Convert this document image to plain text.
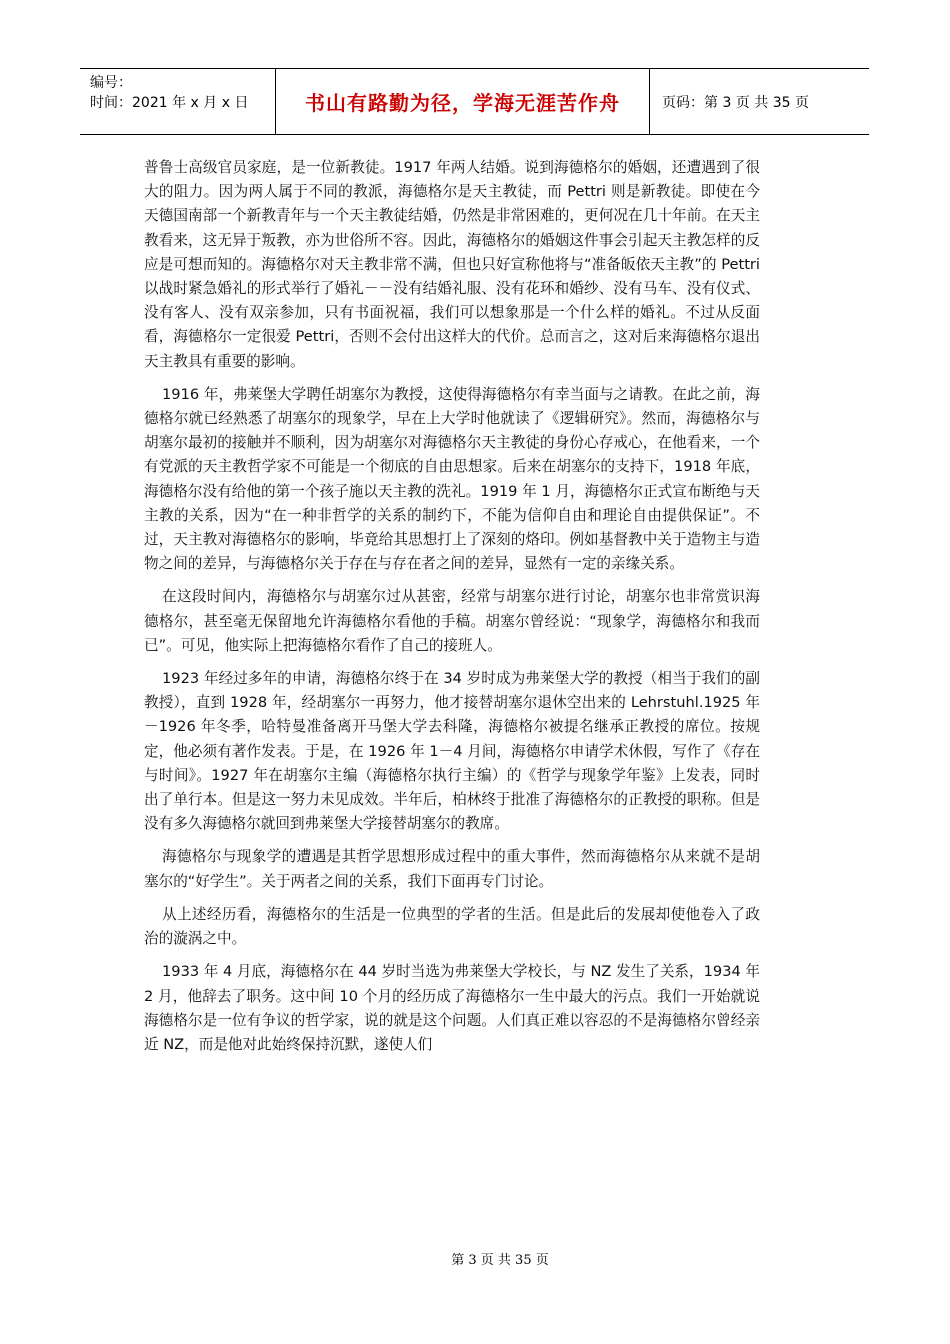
编号：
时间：2021 年 x 月 x 日	书山有路勤为径，学海无涯苦作舟	页码：第 3 页 共 35 页

普鲁士高级官员家庭，是一位新教徒。1917 年两人结婚。说到海德格尔的婚姻，还遭遇到了很大的阻力。因为两人属于不同的教派，海德格尔是天主教徒，而 Pettri 则是新教徒。即使在今天德国南部一个新教青年与一个天主教徒结婚，仍然是非常困难的，更何况在几十年前。在天主教看来，这无异于叛教，亦为世俗所不容。因此，海德格尔的婚姻这件事会引起天主教怎样的反应是可想而知的。海德格尔对天主教非常不满，但也只好宣称他将与“准备皈依天主教”的 Pettri 以战时紧急婚礼的形式举行了婚礼－－没有结婚礼服、没有花环和婚纱、没有马车、没有仪式、没有客人、没有双亲参加，只有书面祝福，我们可以想象那是一个什么样的婚礼。不过从反面看，海德格尔一定很爱 Pettri，否则不会付出这样大的代价。总而言之，这对后来海德格尔退出天主教具有重要的影响。

1916 年，弗莱堡大学聘任胡塞尔为教授，这使得海德格尔有幸当面与之请教。在此之前，海德格尔就已经熟悉了胡塞尔的现象学，早在上大学时他就读了《逻辑研究》。然而，海德格尔与胡塞尔最初的接触并不顺利，因为胡塞尔对海德格尔天主教徒的身份心存戒心，在他看来，一个有党派的天主教哲学家不可能是一个彻底的自由思想家。后来在胡塞尔的支持下，1918 年底，海德格尔没有给他的第一个孩子施以天主教的洗礼。1919 年 1 月，海德格尔正式宣布断绝与天主教的关系，因为“在一种非哲学的关系的制约下，不能为信仰自由和理论自由提供保证”。不过，天主教对海德格尔的影响，毕竟给其思想打上了深刻的烙印。例如基督教中关于造物主与造物之间的差异，与海德格尔关于存在与存在者之间的差异，显然有一定的亲缘关系。

在这段时间内，海德格尔与胡塞尔过从甚密，经常与胡塞尔进行讨论，胡塞尔也非常赏识海德格尔，甚至毫无保留地允许海德格尔看他的手稿。胡塞尔曾经说：“现象学，海德格尔和我而已”。可见，他实际上把海德格尔看作了自己的接班人。

1923 年经过多年的申请，海德格尔终于在 34 岁时成为弗莱堡大学的教授（相当于我们的副教授），直到 1928 年，经胡塞尔一再努力，他才接替胡塞尔退休空出来的 Lehrstuhl.1925 年－1926 年冬季，哈特曼准备离开马堡大学去科隆，海德格尔被提名继承正教授的席位。按规定，他必须有著作发表。于是，在 1926 年 1－4 月间，海德格尔申请学术休假，写作了《存在与时间》。1927 年在胡塞尔主编（海德格尔执行主编）的《哲学与现象学年鉴》上发表，同时出了单行本。但是这一努力未见成效。半年后，柏林终于批准了海德格尔的正教授的职称。但是没有多久海德格尔就回到弗莱堡大学接替胡塞尔的教席。

海德格尔与现象学的遭遇是其哲学思想形成过程中的重大事件，然而海德格尔从来就不是胡塞尔的“好学生”。关于两者之间的关系，我们下面再专门讨论。

从上述经历看，海德格尔的生活是一位典型的学者的生活。但是此后的发展却使他卷入了政治的漩涡之中。

1933 年 4 月底，海德格尔在 44 岁时当选为弗莱堡大学校长，与 NZ 发生了关系，1934 年 2 月，他辞去了职务。这中间 10 个月的经历成了海德格尔一生中最大的污点。我们一开始就说海德格尔是一位有争议的哲学家，说的就是这个问题。人们真正难以容忍的不是海德格尔曾经亲近 NZ，而是他对此始终保持沉默，遂使人们

第 3 页 共 35 页
